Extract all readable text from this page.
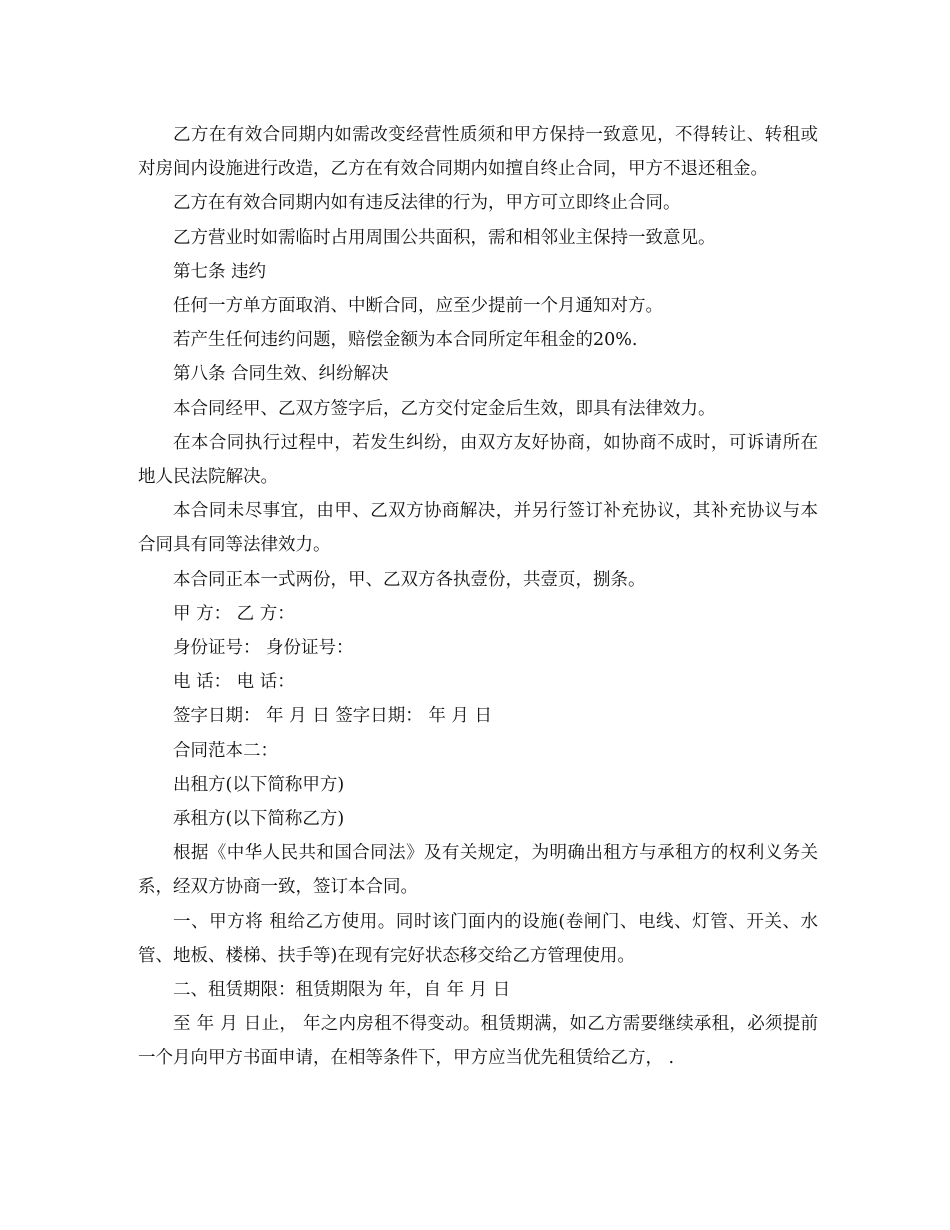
乙方在有效合同期内如需改变经营性质须和甲方保持一致意见，不得转让、转租或对房间内设施进行改造，乙方在有效合同期内如擅自终止合同，甲方不退还租金。

乙方在有效合同期内如有违反法律的行为，甲方可立即终止合同。

乙方营业时如需临时占用周围公共面积，需和相邻业主保持一致意见。

第七条 违约

任何一方单方面取消、中断合同，应至少提前一个月通知对方。

若产生任何违约问题，赔偿金额为本合同所定年租金的20%.

第八条 合同生效、纠纷解决

本合同经甲、乙双方签字后，乙方交付定金后生效，即具有法律效力。

在本合同执行过程中，若发生纠纷，由双方友好协商，如协商不成时，可诉请所在地人民法院解决。

本合同未尽事宜，由甲、乙双方协商解决，并另行签订补充协议，其补充协议与本合同具有同等法律效力。

本合同正本一式两份，甲、乙双方各执壹份，共壹页，捌条。

甲 方： 乙 方：

身份证号： 身份证号：

电 话： 电 话：

签字日期： 年 月 日 签字日期： 年 月 日

合同范本二：

出租方(以下简称甲方)

承租方(以下简称乙方)

根据《中华人民共和国合同法》及有关规定，为明确出租方与承租方的权利义务关系，经双方协商一致，签订本合同。

一、甲方将 租给乙方使用。同时该门面内的设施(卷闸门、电线、灯管、开关、水管、地板、楼梯、扶手等)在现有完好状态移交给乙方管理使用。

二、租赁期限：租赁期限为 年，自 年 月 日

至 年 月 日止， 年之内房租不得变动。租赁期满，如乙方需要继续承租，必须提前一个月向甲方书面申请，在相等条件下，甲方应当优先租赁给乙方， .
